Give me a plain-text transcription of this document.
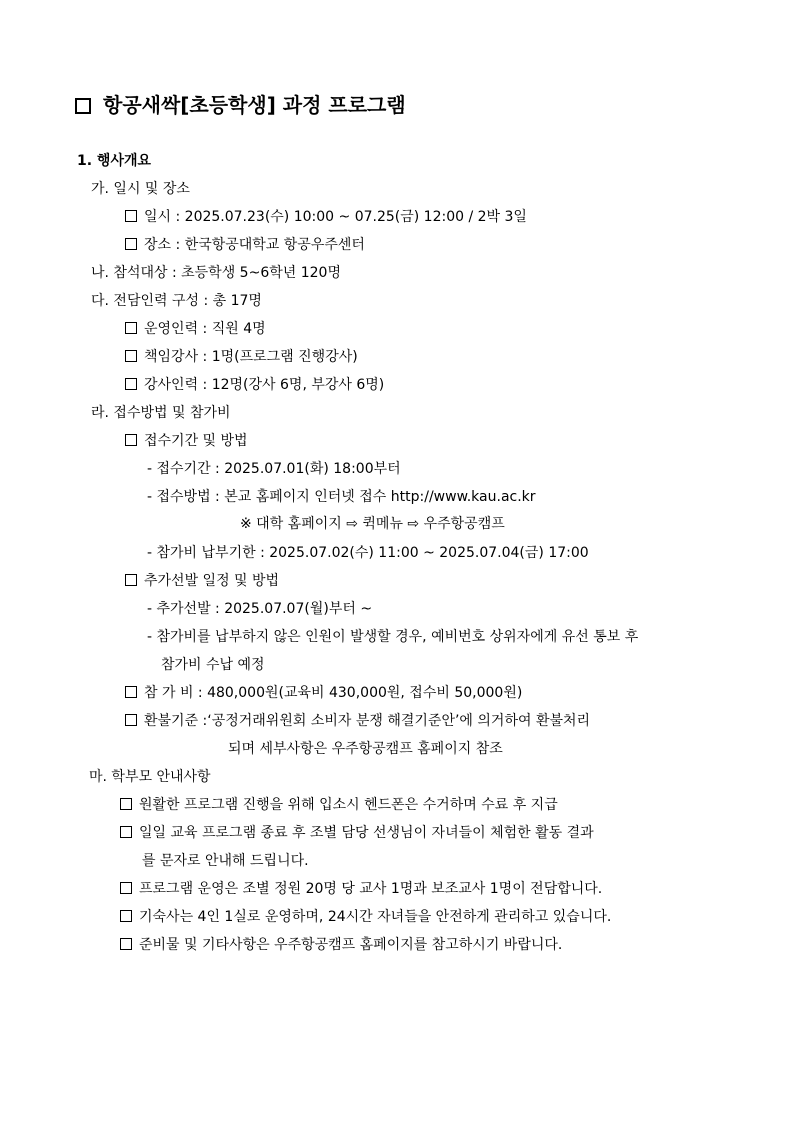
항공새싹[초등학생] 과정 프로그램
1. 행사개요
가. 일시 및 장소
일시 : 2025.07.23(수) 10:00 ~ 07.25(금) 12:00 / 2박 3일
장소 : 한국항공대학교 항공우주센터
나. 참석대상 : 초등학생 5~6학년 120명
다. 전담인력 구성 : 총 17명
운영인력 : 직원 4명
책임강사 : 1명(프로그램 진행강사)
강사인력 : 12명(강사 6명, 부강사 6명)
라. 접수방법 및 참가비
접수기간 및 방법
- 접수기간 : 2025.07.01(화) 18:00부터
- 접수방법 : 본교 홈페이지 인터넷 접수 http://www.kau.ac.kr
※ 대학 홈페이지 ⇨ 퀵메뉴 ⇨ 우주항공캠프
- 참가비 납부기한 : 2025.07.02(수) 11:00 ~ 2025.07.04(금) 17:00
추가선발 일정 및 방법
- 추가선발 : 2025.07.07(월)부터 ~
- 참가비를 납부하지 않은 인원이 발생할 경우, 예비번호 상위자에게 유선 통보 후
참가비 수납 예정
참 가 비 : 480,000원(교육비 430,000원, 접수비 50,000원)
환불기준 :‘공정거래위원회 소비자 분쟁 해결기준안’에 의거하여 환불처리
되며 세부사항은 우주항공캠프 홈페이지 참조
마. 학부모 안내사항
원활한 프로그램 진행을 위해 입소시 헨드폰은 수거하며 수료 후 지급
일일 교육 프로그램 종료 후 조별 담당 선생님이 자녀들이 체험한 활동 결과
를 문자로 안내해 드립니다.
프로그램 운영은 조별 정원 20명 당 교사 1명과 보조교사 1명이 전담합니다.
기숙사는 4인 1실로 운영하며, 24시간 자녀들을 안전하게 관리하고 있습니다.
준비물 및 기타사항은 우주항공캠프 홈페이지를 참고하시기 바랍니다.
